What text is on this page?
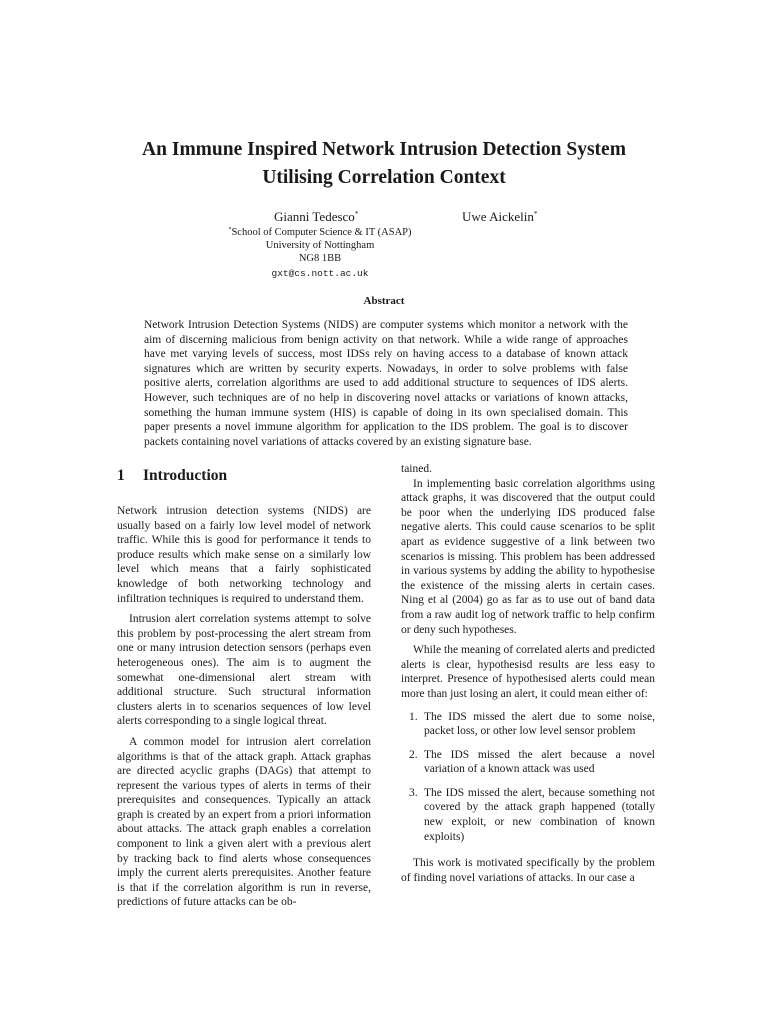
An Immune Inspired Network Intrusion Detection System
Utilising Correlation Context
Gianni Tedesco*	Uwe Aickelin*
*School of Computer Science & IT (ASAP)
University of Nottingham
NG8 1BB
gxt@cs.nott.ac.uk
Abstract

Network Intrusion Detection Systems (NIDS) are computer systems which monitor a network with the aim of discerning malicious from benign activity on that network. While a wide range of approaches have met varying levels of success, most IDSs rely on having access to a database of known attack signatures which are written by security experts. Nowadays, in order to solve problems with false positive alerts, correlation algorithms are used to add additional structure to sequences of IDS alerts. However, such techniques are of no help in discovering novel attacks or variations of known attacks, something the human immune system (HIS) is capable of doing in its own specialised domain. This paper presents a novel immune algorithm for application to the IDS problem. The goal is to discover packets containing novel variations of attacks covered by an existing signature base.

1 Introduction

Network intrusion detection systems (NIDS) are usually based on a fairly low level model of network traffic. While this is good for performance it tends to produce results which make sense on a similarly low level which means that a fairly sophisticated knowledge of both networking technology and infiltration techniques is required to understand them.

Intrusion alert correlation systems attempt to solve this problem by post-processing the alert stream from one or many intrusion detection sensors (perhaps even heterogeneous ones). The aim is to augment the somewhat one-dimensional alert stream with additional structure. Such structural information clusters alerts in to scenarios sequences of low level alerts corresponding to a single logical threat.

A common model for intrusion alert correlation algorithms is that of the attack graph. Attack graphas are directed acyclic graphs (DAGs) that attempt to represent the various types of alerts in terms of their prerequisites and consequences. Typically an attack graph is created by an expert from a priori information about attacks. The attack graph enables a correlation component to link a given alert with a previous alert by tracking back to find alerts whose consequences imply the current alerts prerequisites. Another feature is that if the correlation algorithm is run in reverse, predictions of future attacks can be ob-

tained.

In implementing basic correlation algorithms using attack graphs, it was discovered that the output could be poor when the underlying IDS produced false negative alerts. This could cause scenarios to be split apart as evidence suggestive of a link between two scenarios is missing. This problem has been addressed in various systems by adding the ability to hypothesise the existence of the missing alerts in certain cases. Ning et al (2004) go as far as to use out of band data from a raw audit log of network traffic to help confirm or deny such hypotheses.

While the meaning of correlated alerts and predicted alerts is clear, hypothesisd results are less easy to interpret. Presence of hypothesised alerts could mean more than just losing an alert, it could mean either of:

1. The IDS missed the alert due to some noise, packet loss, or other low level sensor problem
2. The IDS missed the alert because a novel variation of a known attack was used
3. The IDS missed the alert, because something not covered by the attack graph happened (totally new exploit, or new combination of known exploits)

This work is motivated specifically by the problem of finding novel variations of attacks. In our case a
